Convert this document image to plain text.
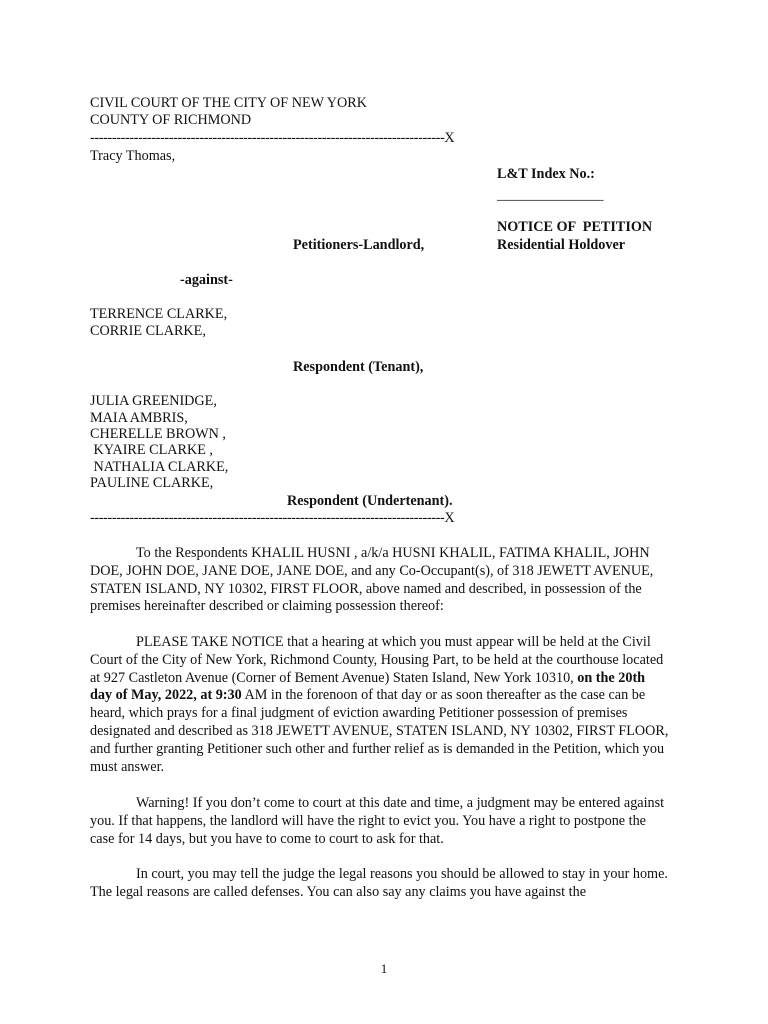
CIVIL COURT OF THE CITY OF NEW YORK
COUNTY OF RICHMOND
---------------------------------------------------------------------------------X
Tracy Thomas,
L&T Index No.:
_______________
NOTICE OF  PETITION
Petitioners-Landlord,	Residential Holdover
-against-
TERRENCE CLARKE,
CORRIE CLARKE,
Respondent (Tenant),
JULIA GREENIDGE,
MAIA AMBRIS,
CHERELLE BROWN ,
KYAIRE CLARKE ,
NATHALIA CLARKE,
PAULINE CLARKE,
Respondent (Undertenant).
---------------------------------------------------------------------------------X
To the Respondents KHALIL HUSNI , a/k/a HUSNI KHALIL, FATIMA KHALIL, JOHN DOE, JOHN DOE, JANE DOE, JANE DOE, and any Co-Occupant(s), of 318 JEWETT AVENUE, STATEN ISLAND, NY 10302, FIRST FLOOR, above named and described, in possession of the premises hereinafter described or claiming possession thereof:
PLEASE TAKE NOTICE that a hearing at which you must appear will be held at the Civil Court of the City of New York, Richmond County, Housing Part, to be held at the courthouse located at 927 Castleton Avenue (Corner of Bement Avenue) Staten Island, New York 10310, on the 20th day of May, 2022, at 9:30 AM in the forenoon of that day or as soon thereafter as the case can be heard, which prays for a final judgment of eviction awarding Petitioner possession of premises designated and described as 318 JEWETT AVENUE, STATEN ISLAND, NY 10302, FIRST FLOOR, and further granting Petitioner such other and further relief as is demanded in the Petition, which you must answer.
Warning! If you don’t come to court at this date and time, a judgment may be entered against you. If that happens, the landlord will have the right to evict you. You have a right to postpone the case for 14 days, but you have to come to court to ask for that.
In court, you may tell the judge the legal reasons you should be allowed to stay in your home. The legal reasons are called defenses. You can also say any claims you have against the
1
